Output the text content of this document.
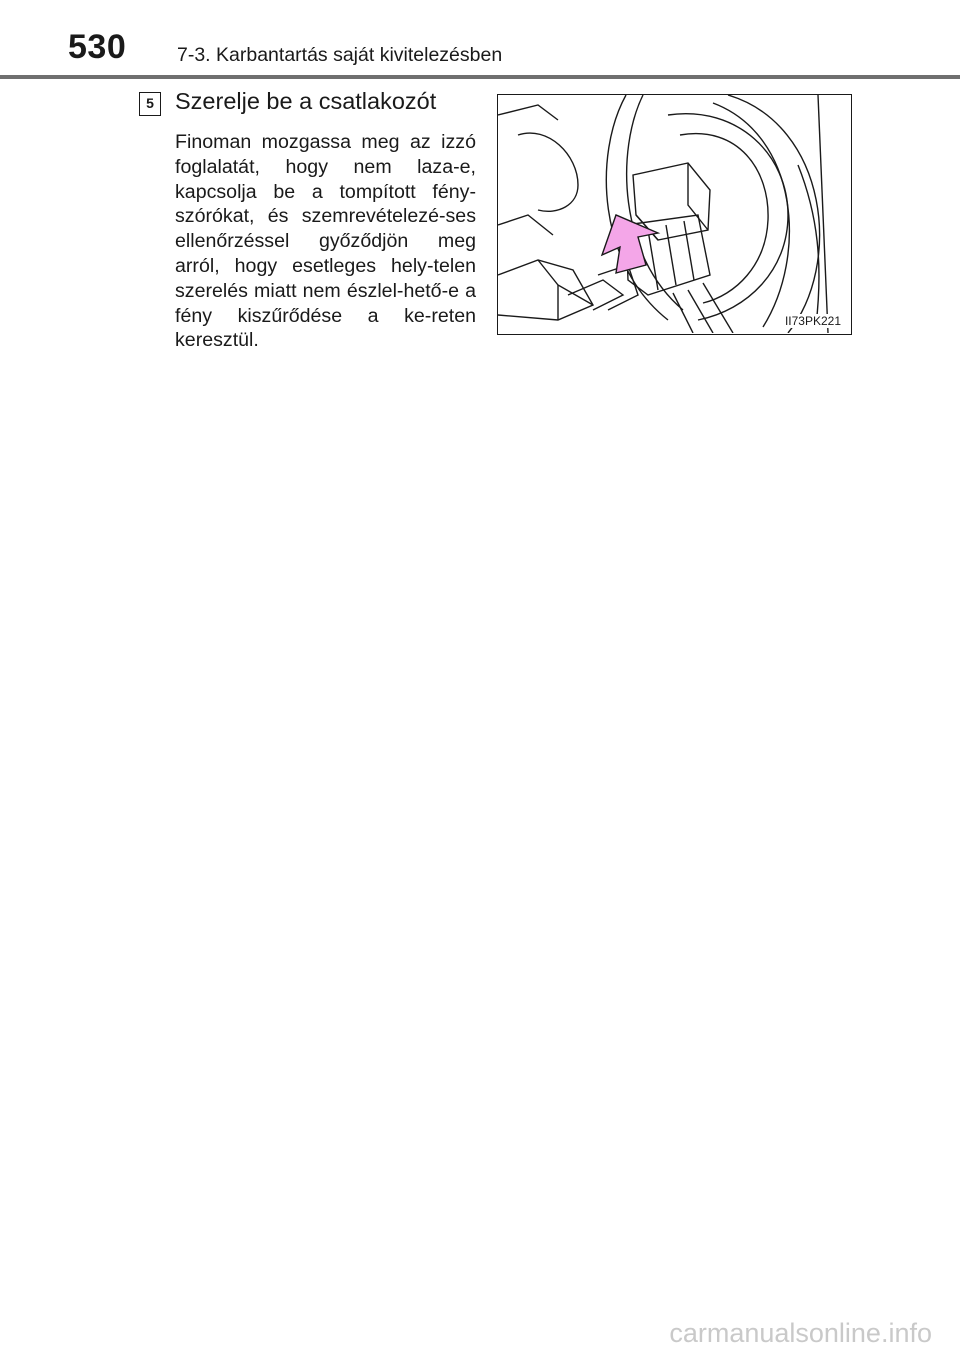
530	7-3. Karbantartás saját kivitelezésben
5 Szerelje be a csatlakozót

Finoman mozgassa meg az izzó foglalatát, hogy nem laza-e, kapcsolja be a tompított fény-szórókat, és szemrevételezé-ses ellenőrzéssel győződjön meg arról, hogy esetleges hely-telen szerelés miatt nem észlel-hető-e a fény kiszűrődése a ke-reten keresztül.

II73PK221
carmanualsonline.info
